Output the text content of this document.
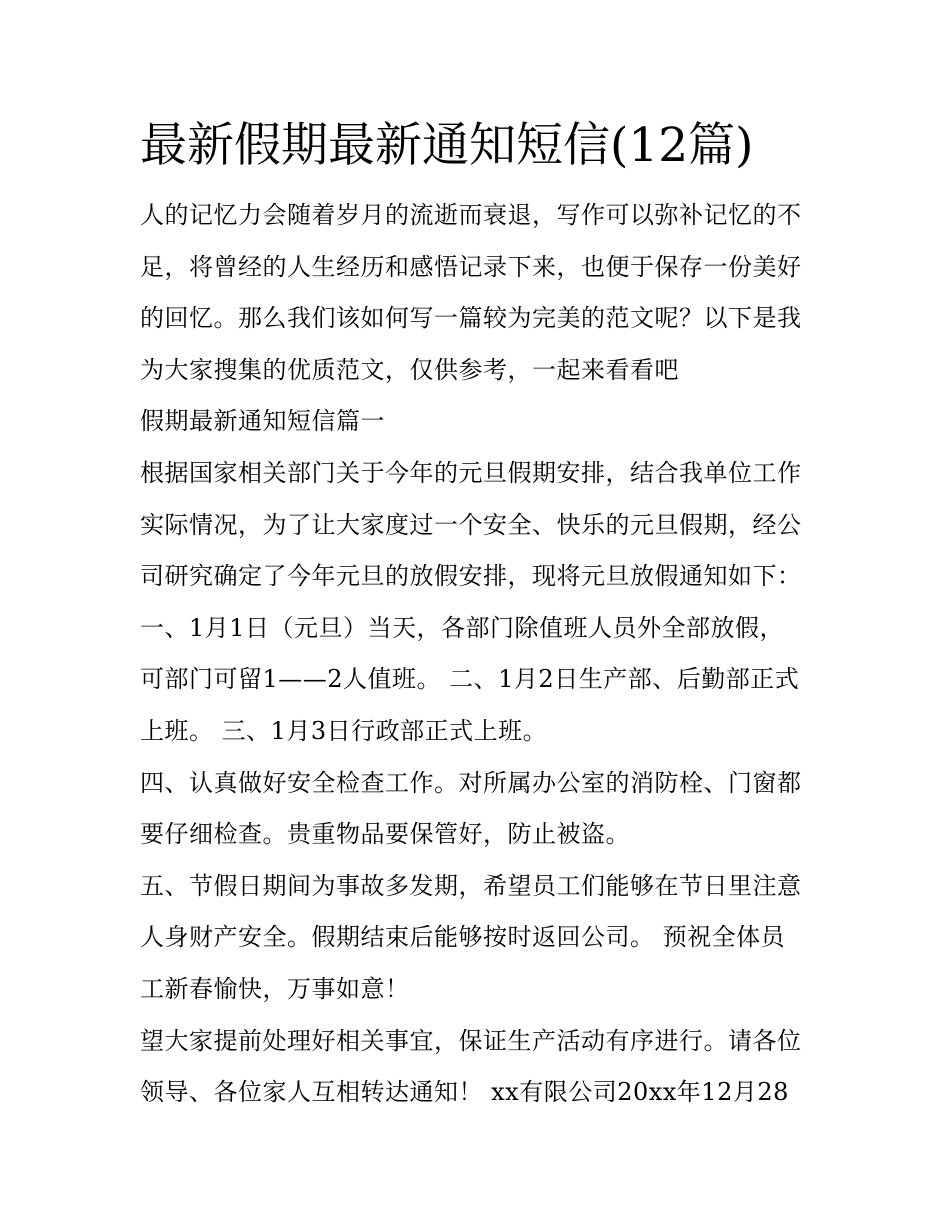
最新假期最新通知短信(12篇)

人的记忆力会随着岁月的流逝而衰退，写作可以弥补记忆的不

足，将曾经的人生经历和感悟记录下来，也便于保存一份美好

的回忆。那么我们该如何写一篇较为完美的范文呢？以下是我

为大家搜集的优质范文，仅供参考，一起来看看吧

假期最新通知短信篇一

根据国家相关部门关于今年的元旦假期安排，结合我单位工作

实际情况，为了让大家度过一个安全、快乐的元旦假期，经公

司研究确定了今年元旦的放假安排，现将元旦放假通知如下：

一、1月1日（元旦）当天，各部门除值班人员外全部放假，

可部门可留1——2人值班。 二、1月2日生产部、后勤部正式

上班。 三、1月3日行政部正式上班。

四、认真做好安全检查工作。对所属办公室的消防栓、门窗都

要仔细检查。贵重物品要保管好，防止被盗。

五、节假日期间为事故多发期，希望员工们能够在节日里注意

人身财产安全。假期结束后能够按时返回公司。 预祝全体员

工新春愉快，万事如意！

望大家提前处理好相关事宜，保证生产活动有序进行。请各位

领导、各位家人互相转达通知！ xx有限公司20xx年12月28
